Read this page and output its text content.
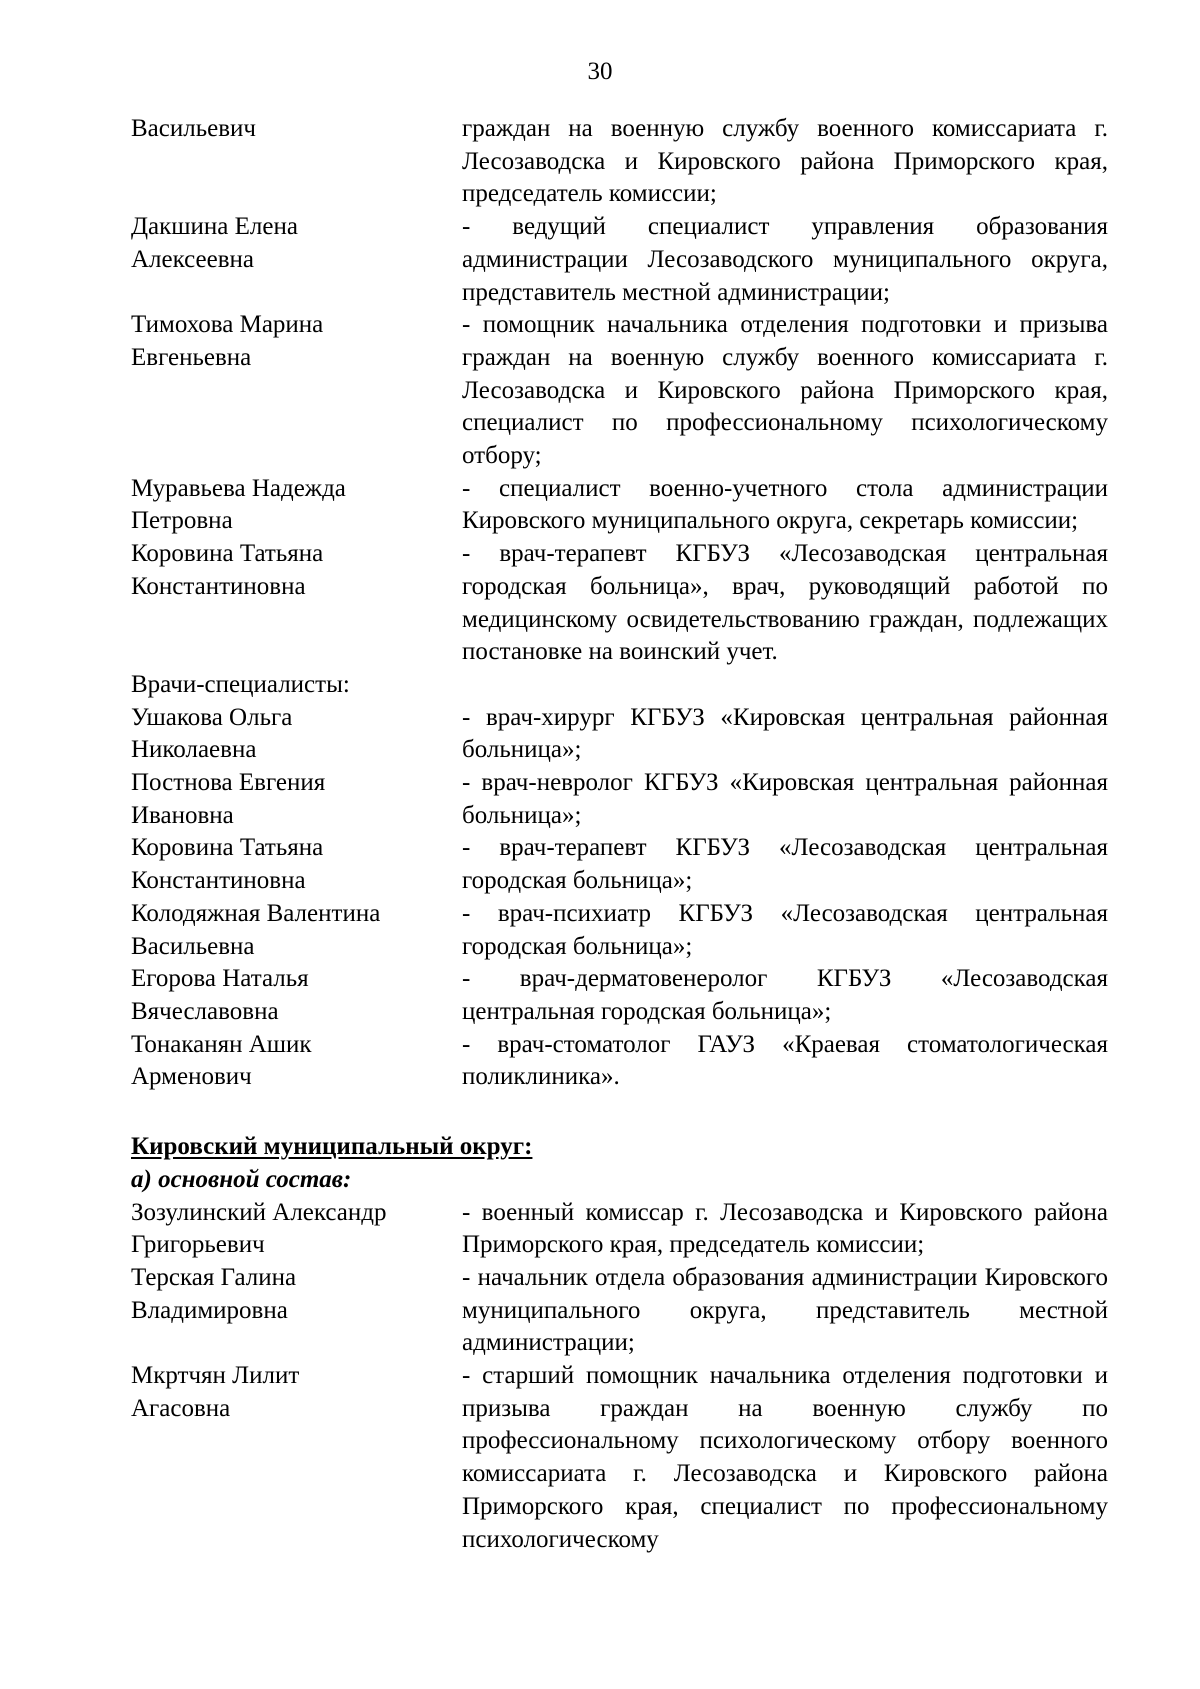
30
Васильевич	граждан на военную службу военного комиссариата г. Лесозаводска и Кировского района Приморского края, председатель комиссии;
Дакшина Елена
Алексеевна
- ведущий специалист управления образования администрации Лесозаводского муниципального округа, представитель местной администрации;
Тимохова Марина
Евгеньевна
- помощник начальника отделения подготовки и призыва граждан на военную службу военного комиссариата г. Лесозаводска и Кировского района Приморского края, специалист по профессиональному психологическому отбору;
Муравьева Надежда
Петровна
- специалист военно-учетного стола администрации Кировского муниципального округа, секретарь комиссии;
Коровина Татьяна
Константиновна
- врач-терапевт КГБУЗ «Лесозаводская центральная городская больница», врач, руководящий работой по медицинскому освидетельствованию граждан, подлежащих постановке на воинский учет.
Врачи-специалисты:
Ушакова Ольга
Николаевна
- врач-хирург КГБУЗ «Кировская центральная районная больница»;
Постнова Евгения
Ивановна
- врач-невролог КГБУЗ «Кировская центральная районная больница»;
Коровина Татьяна
Константиновна
- врач-терапевт КГБУЗ «Лесозаводская центральная городская больница»;
Колодяжная Валентина
Васильевна
- врач-психиатр КГБУЗ «Лесозаводская центральная городская больница»;
Егорова Наталья
Вячеславовна
- врач-дерматовенеролог КГБУЗ «Лесозаводская центральная городская больница»;
Тонаканян Ашик
Арменович
- врач-стоматолог ГАУЗ «Краевая стоматологическая поликлиника».
Кировский муниципальный округ:
а) основной состав:
Зозулинский Александр
Григорьевич
- военный комиссар г. Лесозаводска и Кировского района Приморского края, председатель комиссии;
Терская Галина
Владимировна
- начальник отдела образования администрации Кировского муниципального округа, представитель местной администрации;
Мкртчян Лилит
Агасовна
- старший помощник начальника отделения подготовки и призыва граждан на военную службу по профессиональному психологическому отбору военного комиссариата г. Лесозаводска и Кировского района Приморского края, специалист по профессиональному психологическому
